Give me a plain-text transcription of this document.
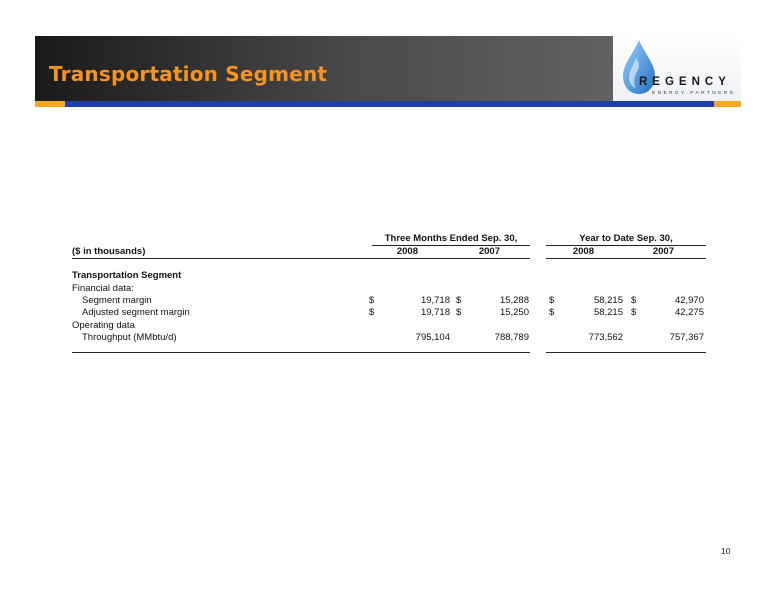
Transportation Segment	REGENCY
ENERGY PARTNERS
Three Months Ended Sep. 30,	Year to Date Sep. 30,
($ in thousands)	2008	2007	2008	2007
Transportation Segment
Financial data:
Segment margin	$	19,718 $	15,288 $	58,215 $	42,970
Adjusted segment margin	$	19,718 $	15,250 $	58,215 $	42,275
Operating data
Throughput (MMbtu/d)	795,104	788,789	773,562	757,367
10
